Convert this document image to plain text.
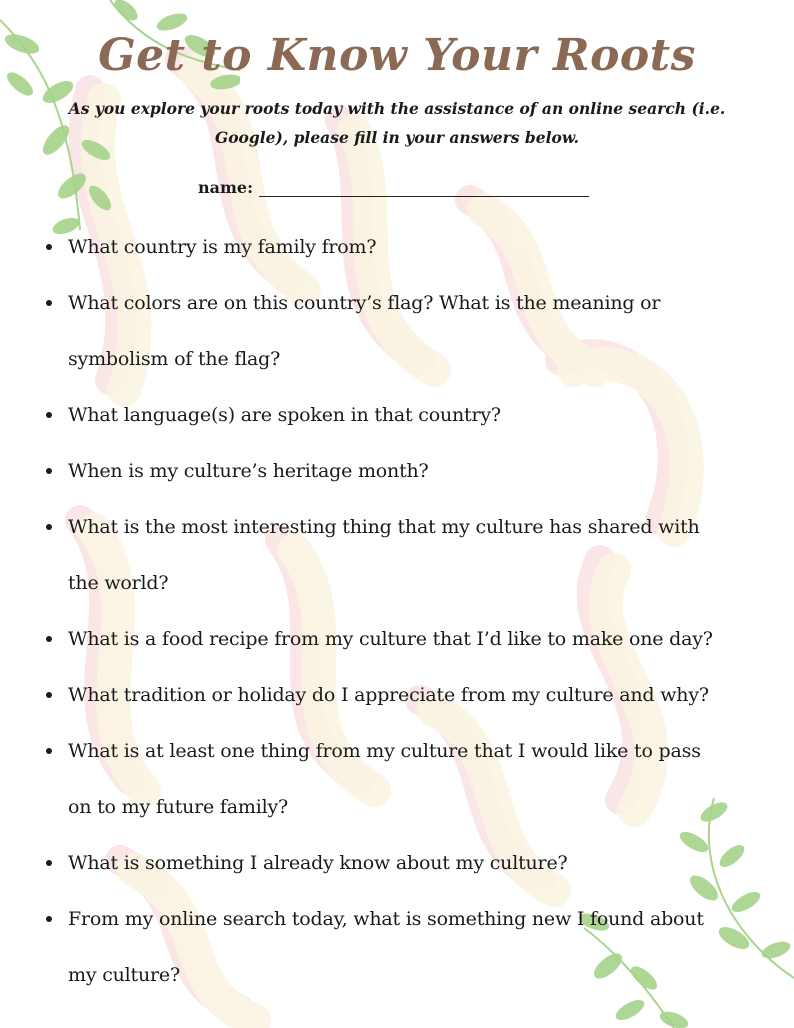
Get to Know Your Roots

As you explore your roots today with the assistance of an online search (i.e. Google), please fill in your answers below.

name:
What country is my family from?
What colors are on this country’s flag? What is the meaning or
symbolism of the flag?
What language(s) are spoken in that country?
When is my culture’s heritage month?
What is the most interesting thing that my culture has shared with
the world?
What is a food recipe from my culture that I’d like to make one day?
What tradition or holiday do I appreciate from my culture and why?
What is at least one thing from my culture that I would like to pass
on to my future family?
What is something I already know about my culture?
From my online search today, what is something new I found about
my culture?
